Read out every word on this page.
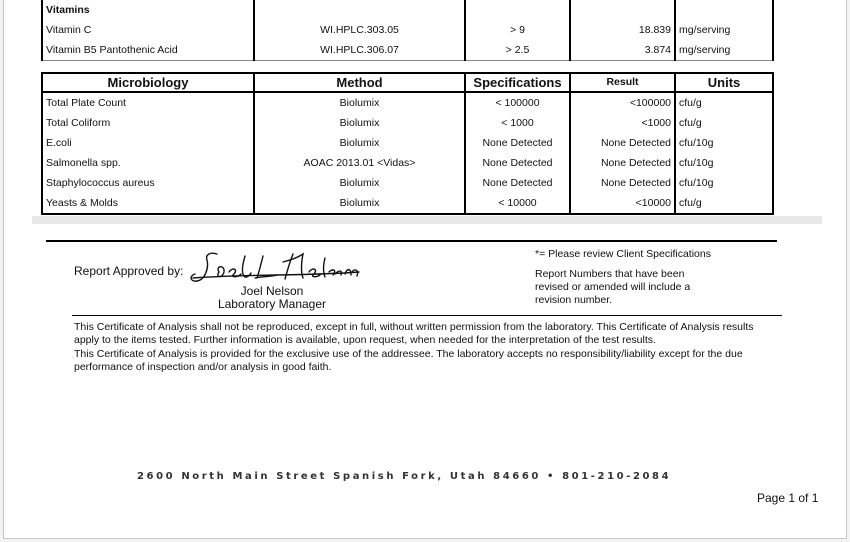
Vitamins				
Vitamin C	WI.HPLC.303.05	> 9	18.839	mg/serving
Vitamin B5 Pantothenic Acid	WI.HPLC.306.07	> 2.5	3.874	mg/serving
Microbiology	Method	Specifications	Result	Units
Total Plate Count	Biolumix	< 100000	<100000	cfu/g
Total Coliform	Biolumix	< 1000	<1000	cfu/g
E.coli	Biolumix	None Detected	None Detected	cfu/10g
Salmonella spp.	AOAC 2013.01 <Vidas>	None Detected	None Detected	cfu/10g
Staphylococcus aureus	Biolumix	None Detected	None Detected	cfu/10g
Yeasts & Molds	Biolumix	< 10000	<10000	cfu/g
Report Approved by:
Joel Nelson
Laboratory Manager
*= Please review Client Specifications
Report Numbers that have been revised or amended will include a revision number.
This Certificate of Analysis shall not be reproduced, except in full, without written permission from the laboratory. This Certificate of Analysis results apply to the items tested. Further information is available, upon request, when needed for the interpretation of the test results.
This Certificate of Analysis is provided for the exclusive use of the addressee. The laboratory accepts no responsibility/liability except for the due performance of inspection and/or analysis in good faith.
2600 North Main Street Spanish Fork, Utah 84660 • 801-210-2084
Page 1 of 1
